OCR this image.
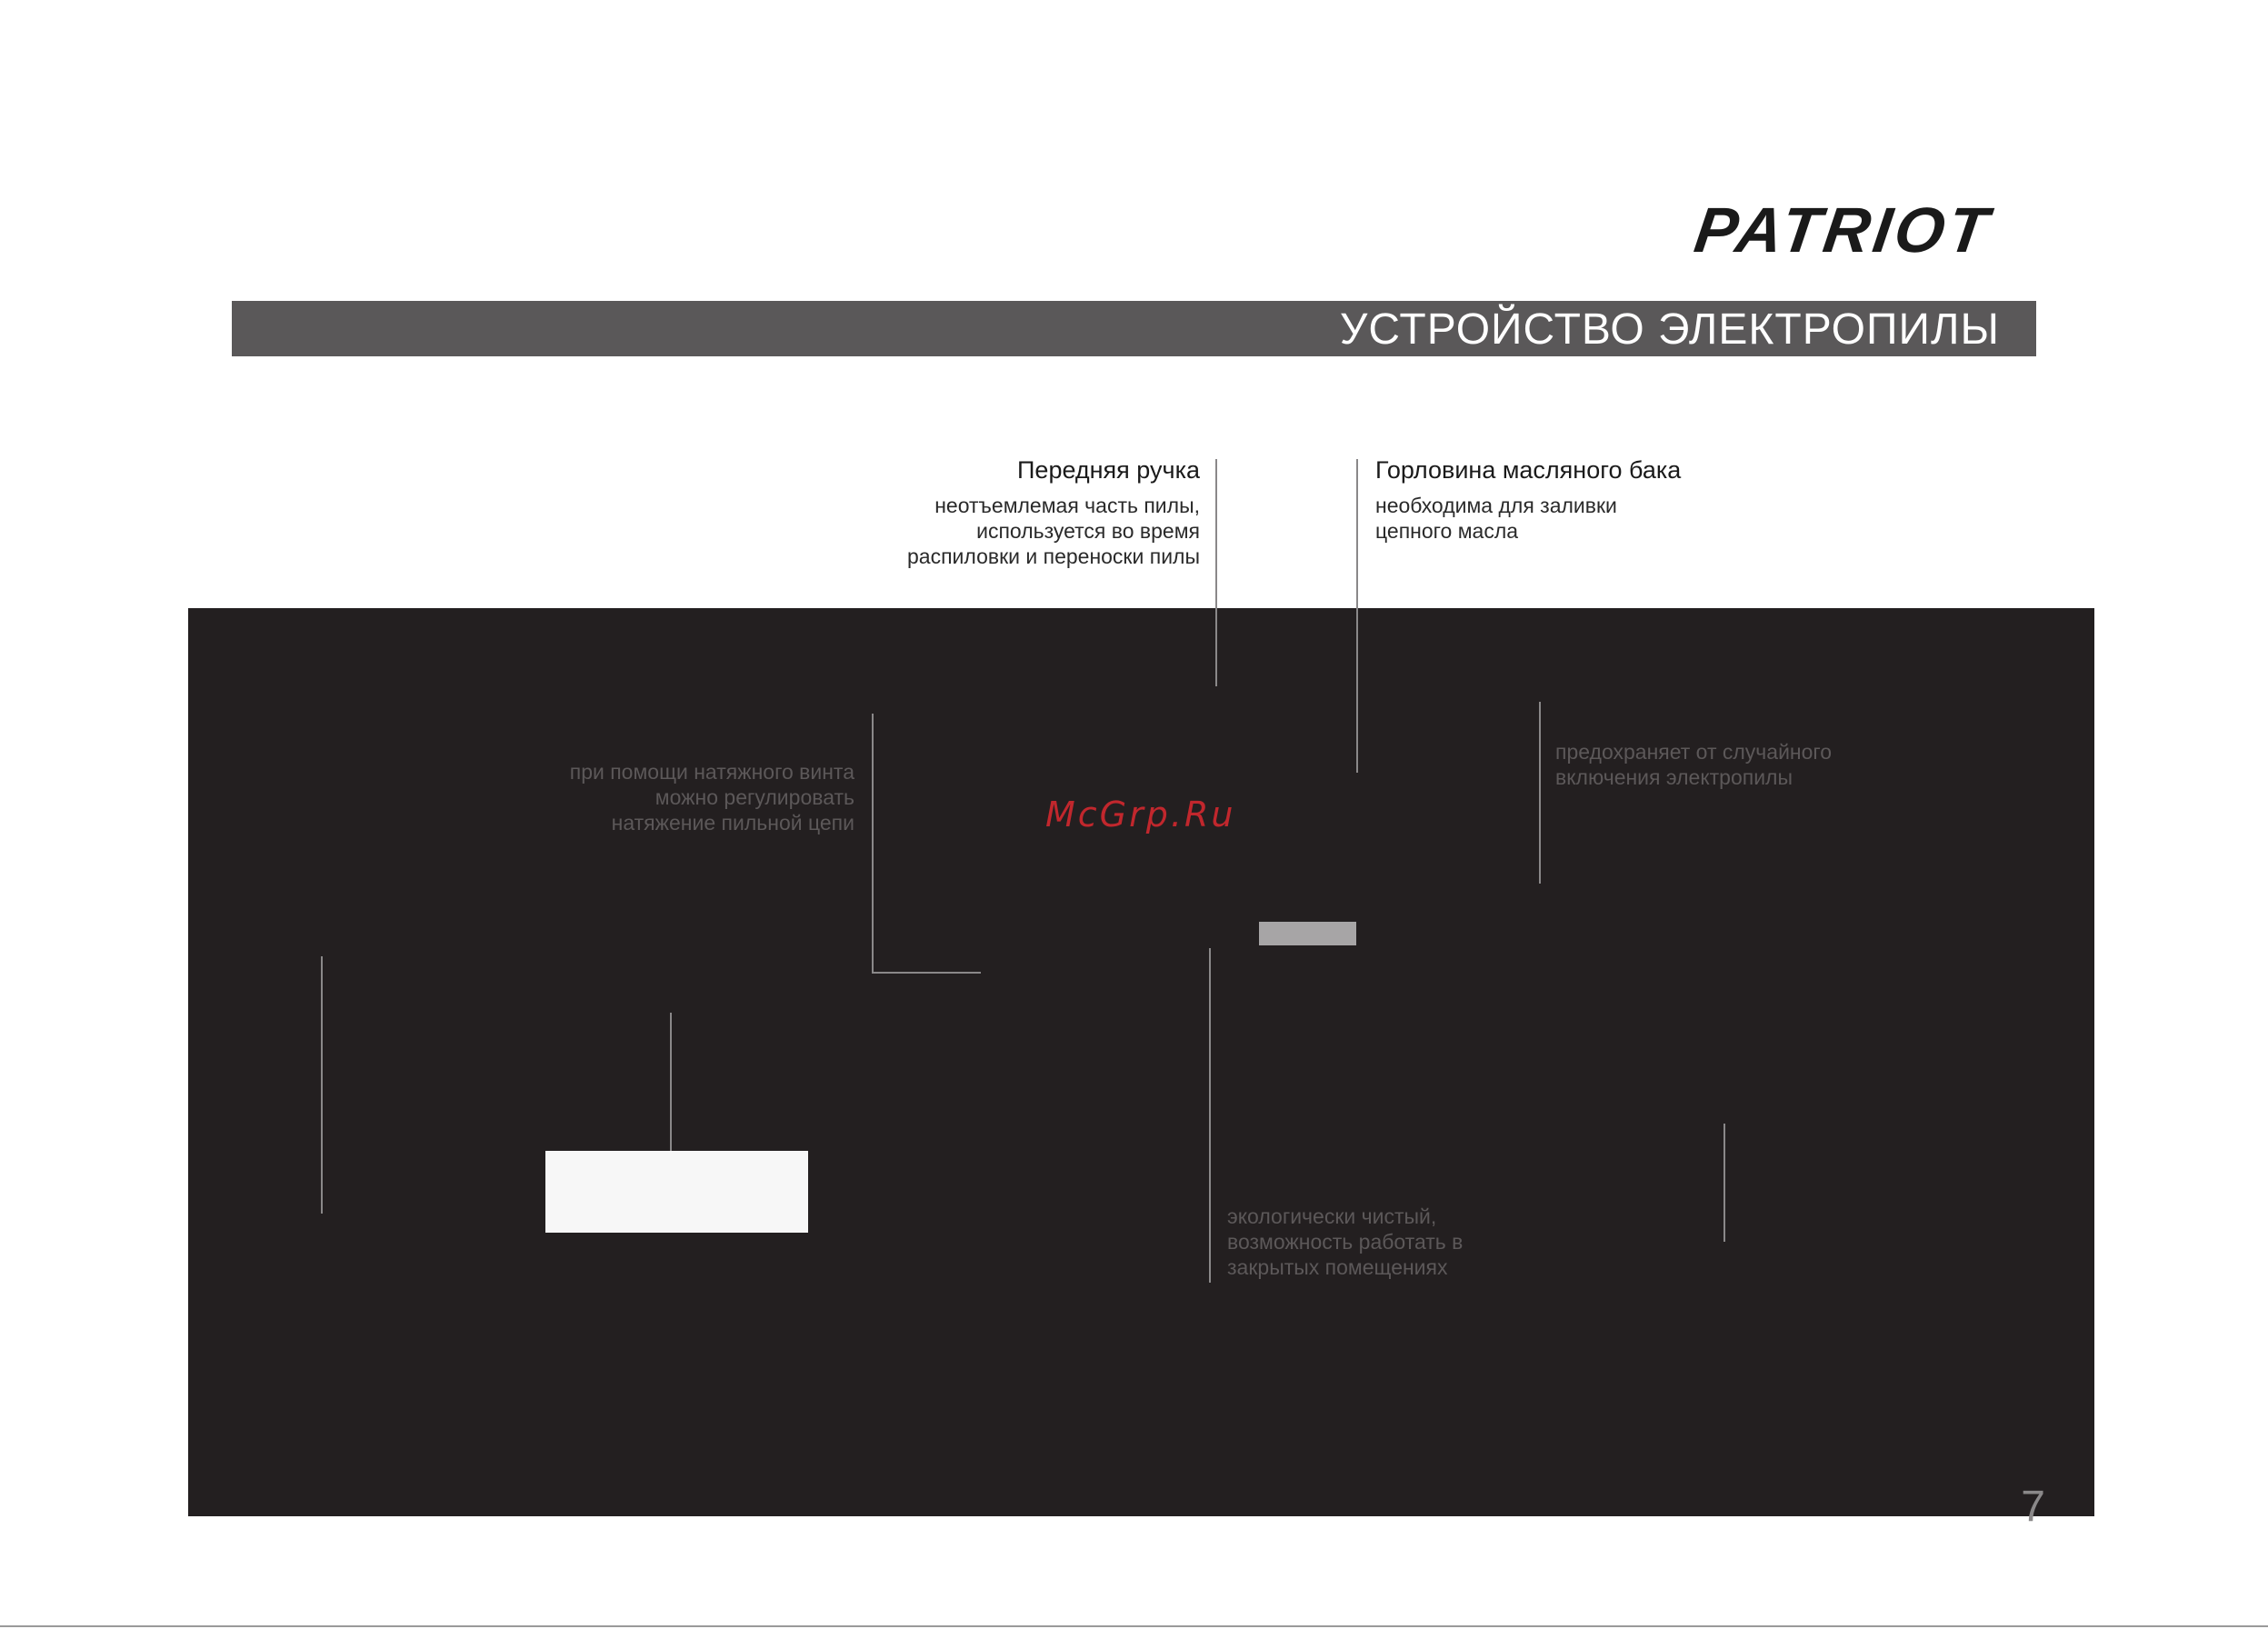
PATRIOT
УСТРОЙСТВО ЭЛЕКТРОПИЛЫ
Передняя ручка
неотъемлемая часть пилы,
используется во время
распиловки и переноски пилы
Горловина масляного бака
необходима для заливки
цепного масла
при помощи натяжного винта
можно регулировать
натяжение пильной цепи
предохраняет от случайного
включения электропилы
экологически чистый,
возможность работать в
закрытых помещениях
McGrp.Ru
7
